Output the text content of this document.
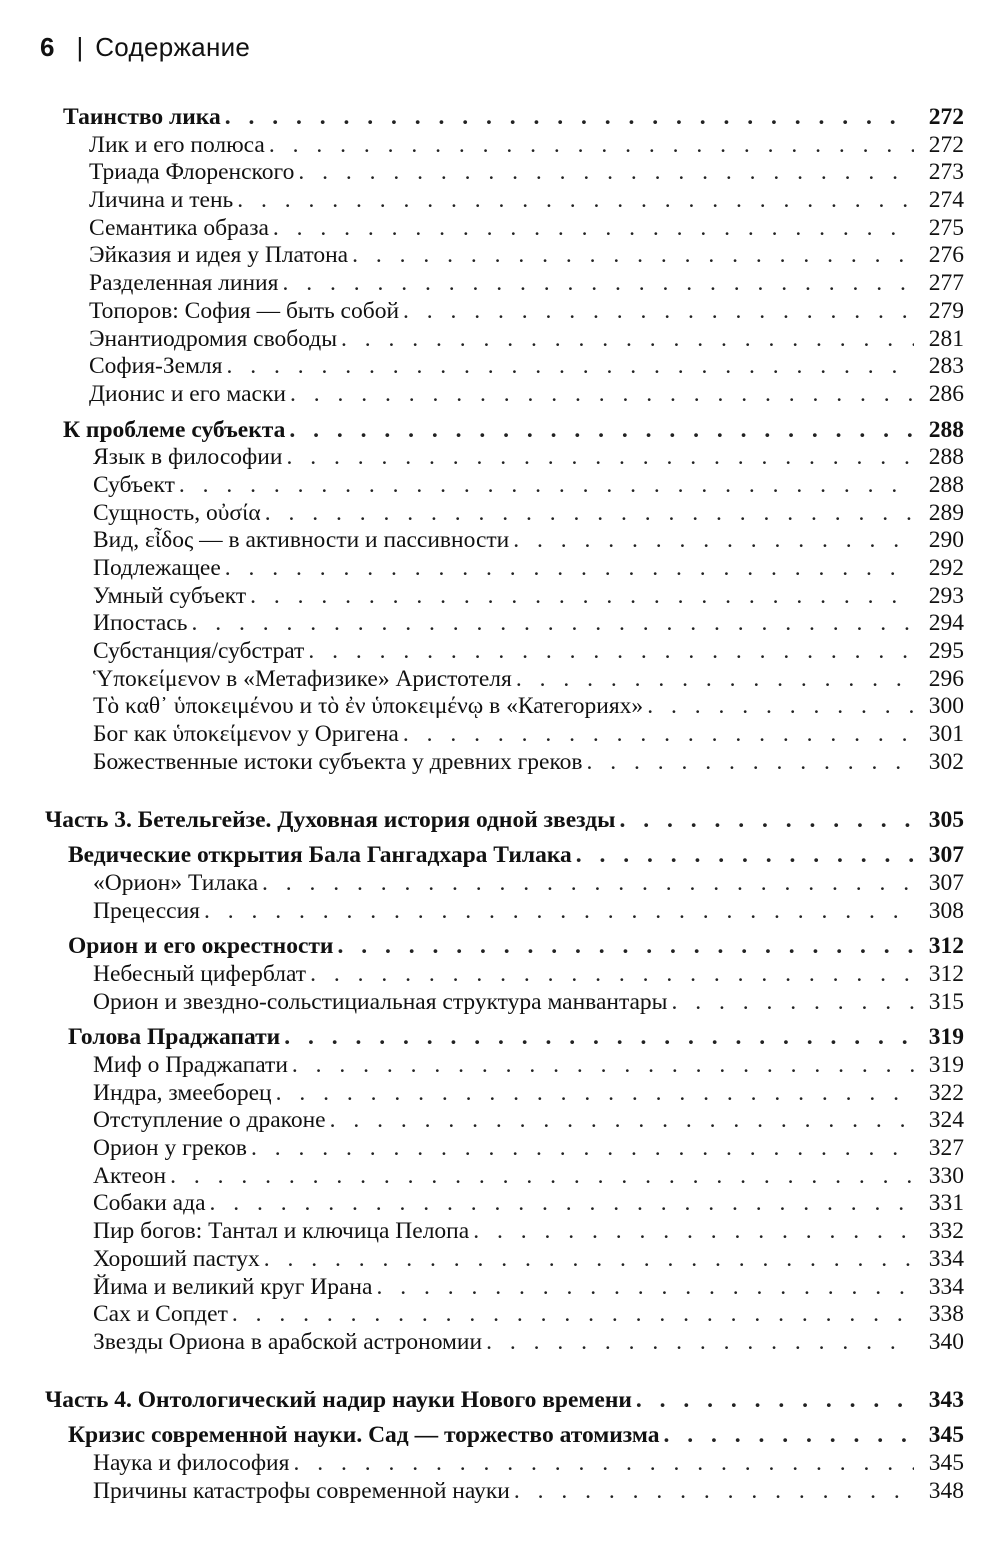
6 | Содержание
Таинство лика . . .	272
Лик и его полюса . . .	272
Триада Флоренского . . .	273
Личина и тень . . .	274
Семантика образа . . .	275
Эйказия и идея у Платона . . .	276
Разделенная линия . . .	277
Топоров: София — быть собой . . .	279
Энантиодромия свободы . . .	281
София-Земля . . .	283
Дионис и его маски . . .	286
К проблеме субъекта . . .	288
Язык в философии . . .	288
Субъект . . .	288
Сущность, οὐσία . . .	289
Вид, εἶδος — в активности и пассивности . . .	290
Подлежащее . . .	292
Умный субъект . . .	293
Ипостась . . .	294
Субстанция/субстрат . . .	295
Ὑποκείμενον в «Метафизике» Аристотеля . . .	296
Τὸ καθ᾽ ὑποκειμένου и τὸ ἐν ὑποκειμένῳ в «Категориях» . . .	300
Бог как ὑποκείμενον у Оригена . . .	301
Божественные истоки субъекта у древних греков . . .	302
Часть 3. Бетельгейзе. Духовная история одной звезды . . .	305
Ведические открытия Бала Гангадхара Тилака . . .	307
«Орион» Тилака . . .	307
Прецессия . . .	308
Орион и его окрестности . . .	312
Небесный циферблат . . .	312
Орион и звездно-сольстициальная структура манвантары . . .	315
Голова Праджапати . . .	319
Миф о Праджапати . . .	319
Индра, змееборец . . .	322
Отступление о драконе . . .	324
Орион у греков . . .	327
Актеон . . .	330
Собаки ада . . .	331
Пир богов: Тантал и ключица Пелопа . . .	332
Хороший пастух . . .	334
Йима и великий круг Ирана . . .	334
Сах и Сопдет . . .	338
Звезды Ориона в арабской астрономии . . .	340
Часть 4. Онтологический надир науки Нового времени . . .	343
Кризис современной науки. Сад — торжество атомизма . . .	345
Наука и философия . . .	345
Причины катастрофы современной науки . . .	348
